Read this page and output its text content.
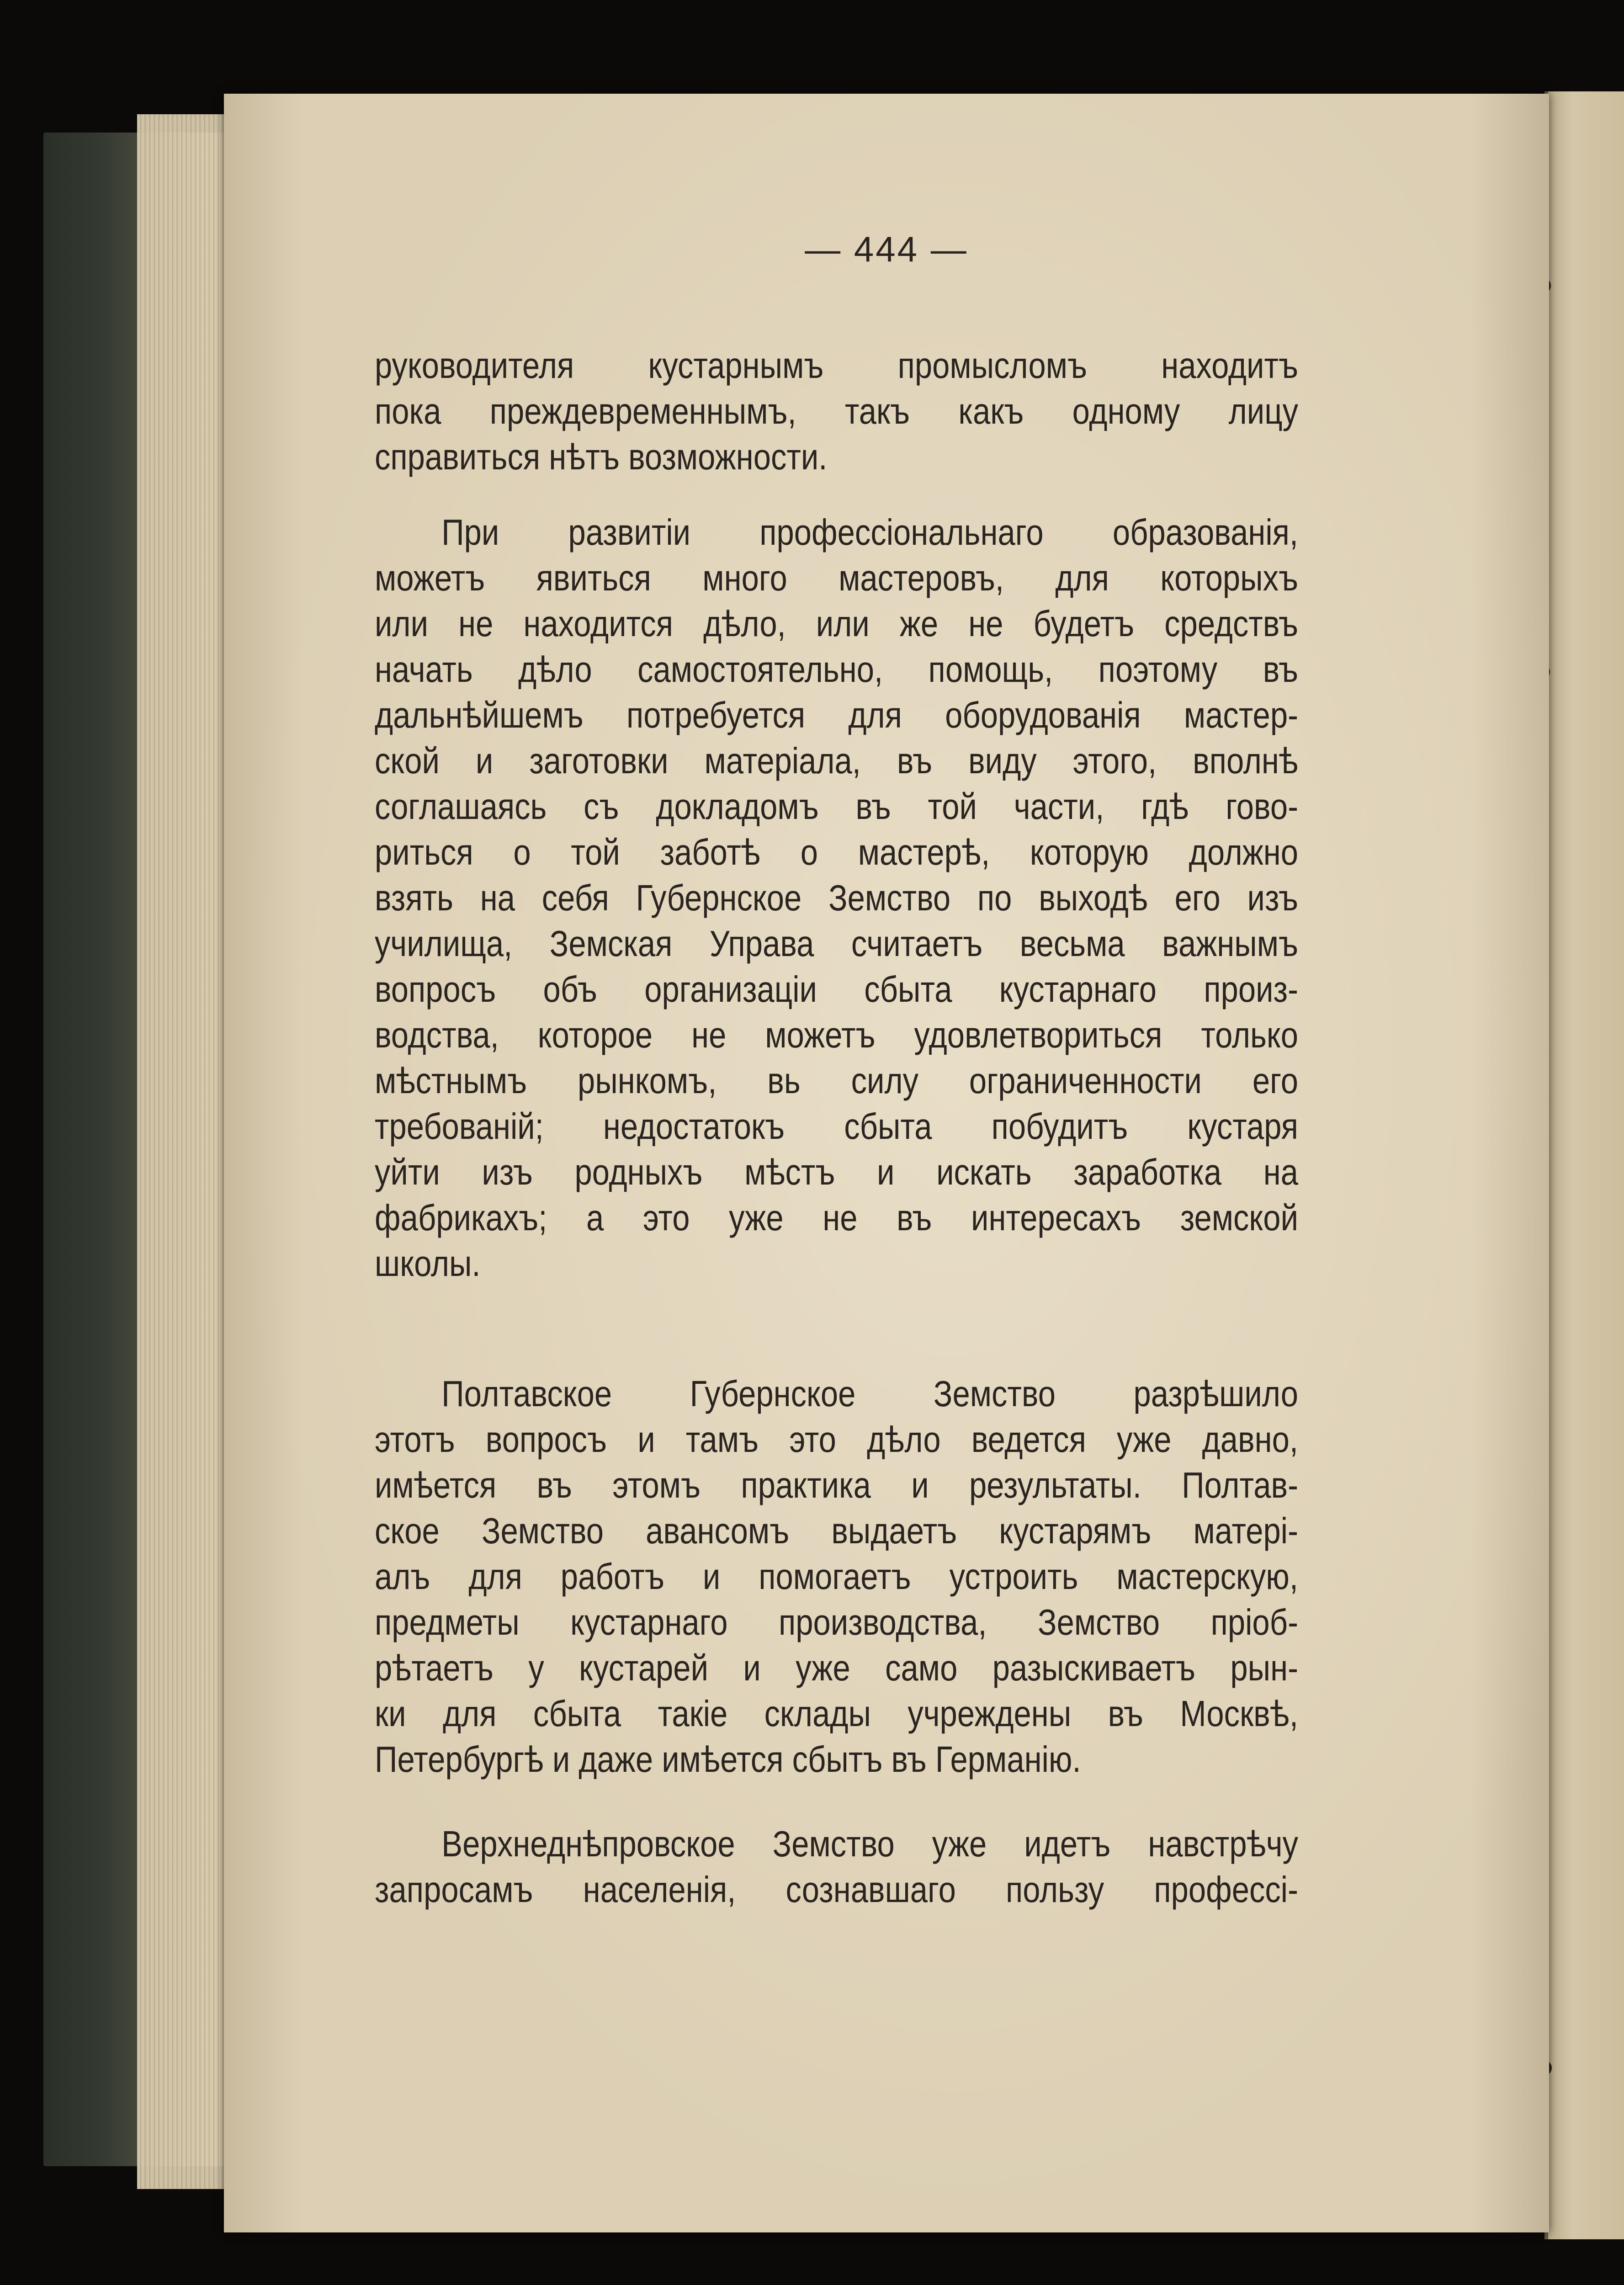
— 444 —
руководителя кустарнымъ промысломъ находитъ
пока преждевременнымъ, такъ какъ одному лицу
справиться нѣтъ возможности.
При развитіи профессіональнаго образованія,
можетъ явиться много мастеровъ, для которыхъ
или не находится дѣло, или же не будетъ средствъ
начать дѣло самостоятельно, помощь, поэтому въ
дальнѣйшемъ потребуется для оборудованія мастер-
ской и заготовки матеріала, въ виду этого, вполнѣ
соглашаясь съ докладомъ въ той части, гдѣ гово-
риться о той заботѣ о мастерѣ, которую должно
взять на себя Губернское Земство по выходѣ его изъ
училища, Земская Управа считаетъ весьма важнымъ
вопросъ объ организаціи сбыта кустарнаго произ-
водства, которое не можетъ удовлетвориться только
мѣстнымъ рынкомъ, вь силу ограниченности его
требованій; недостатокъ сбыта побудитъ кустаря
уйти изъ родныхъ мѣстъ и искать заработка на
фабрикахъ; а это уже не въ интересахъ земской
школы.
Полтавское Губернское Земство разрѣшило
этотъ вопросъ и тамъ это дѣло ведется уже давно,
имѣется въ этомъ практика и результаты. Полтав-
ское Земство авансомъ выдаетъ кустарямъ матері-
алъ для работъ и помогаетъ устроить мастерскую,
предметы кустарнаго производства, Земство пріоб-
рѣтаетъ у кустарей и уже само разыскиваетъ рын-
ки для сбыта такіе склады учреждены въ Москвѣ,
Петербургѣ и даже имѣется сбытъ въ Германію.
Верхнеднѣпровское Земство уже идетъ навстрѣчу
запросамъ населенія, сознавшаго пользу профессі-
